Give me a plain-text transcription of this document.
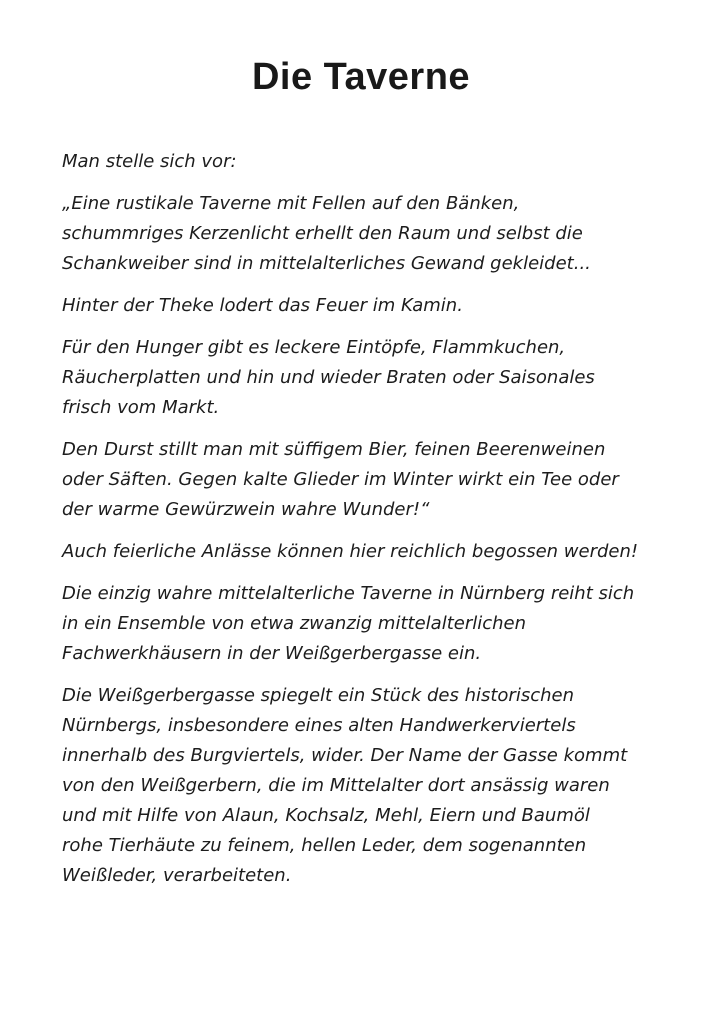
Die Taverne

Man stelle sich vor:

„Eine rustikale Taverne mit Fellen auf den Bänken,
schummriges Kerzenlicht erhellt den Raum und selbst die
Schankweiber sind in mittelalterliches Gewand gekleidet...

Hinter der Theke lodert das Feuer im Kamin.

Für den Hunger gibt es leckere Eintöpfe, Flammkuchen,
Räucherplatten und hin und wieder Braten oder Saisonales
frisch vom Markt.

Den Durst stillt man mit süffigem Bier, feinen Beerenweinen
oder Säften. Gegen kalte Glieder im Winter wirkt ein Tee oder
der warme Gewürzwein wahre Wunder!“

Auch feierliche Anlässe können hier reichlich begossen werden!

Die einzig wahre mittelalterliche Taverne in Nürnberg reiht sich
in ein Ensemble von etwa zwanzig mittelalterlichen
Fachwerkhäusern in der Weißgerbergasse ein.

Die Weißgerbergasse spiegelt ein Stück des historischen
Nürnbergs, insbesondere eines alten Handwerkerviertels
innerhalb des Burgviertels, wider. Der Name der Gasse kommt
von den Weißgerbern, die im Mittelalter dort ansässig waren
und mit Hilfe von Alaun, Kochsalz, Mehl, Eiern und Baumöl
rohe Tierhäute zu feinem, hellen Leder, dem sogenannten
Weißleder, verarbeiteten.
